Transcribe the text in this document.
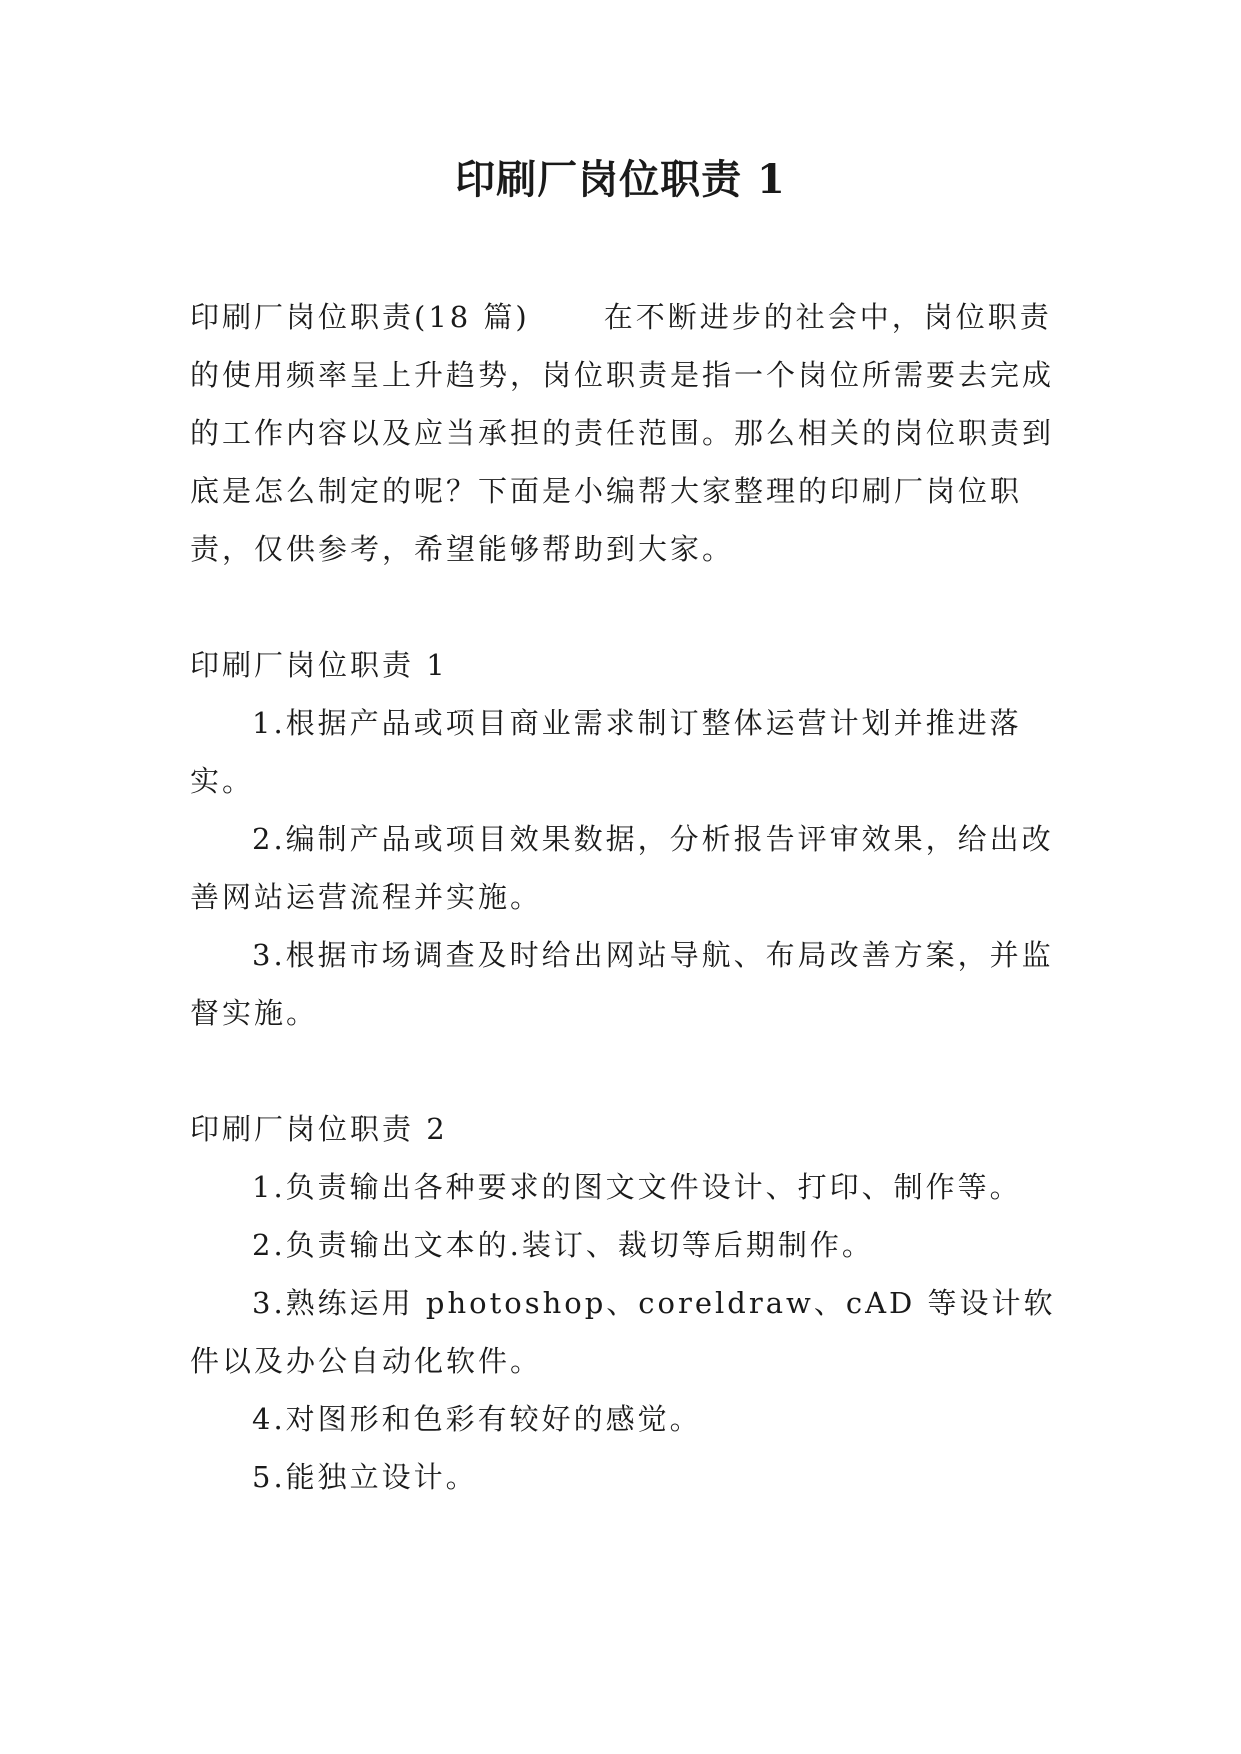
印刷厂岗位职责 1

印刷厂岗位职责(18 篇)	在不断进步的社会中，岗位职责的使用频率呈上升趋势，岗位职责是指一个岗位所需要去完成的工作内容以及应当承担的责任范围。那么相关的岗位职责到底是怎么制定的呢？下面是小编帮大家整理的印刷厂岗位职责，仅供参考，希望能够帮助到大家。

印刷厂岗位职责 1

1.根据产品或项目商业需求制订整体运营计划并推进落实。

2.编制产品或项目效果数据，分析报告评审效果，给出改善网站运营流程并实施。

3.根据市场调查及时给出网站导航、布局改善方案，并监督实施。

印刷厂岗位职责 2

1.负责输出各种要求的图文文件设计、打印、制作等。

2.负责输出文本的.装订、裁切等后期制作。

3.熟练运用 photoshop、coreldraw、cAD 等设计软件以及办公自动化软件。

4.对图形和色彩有较好的感觉。

5.能独立设计。
